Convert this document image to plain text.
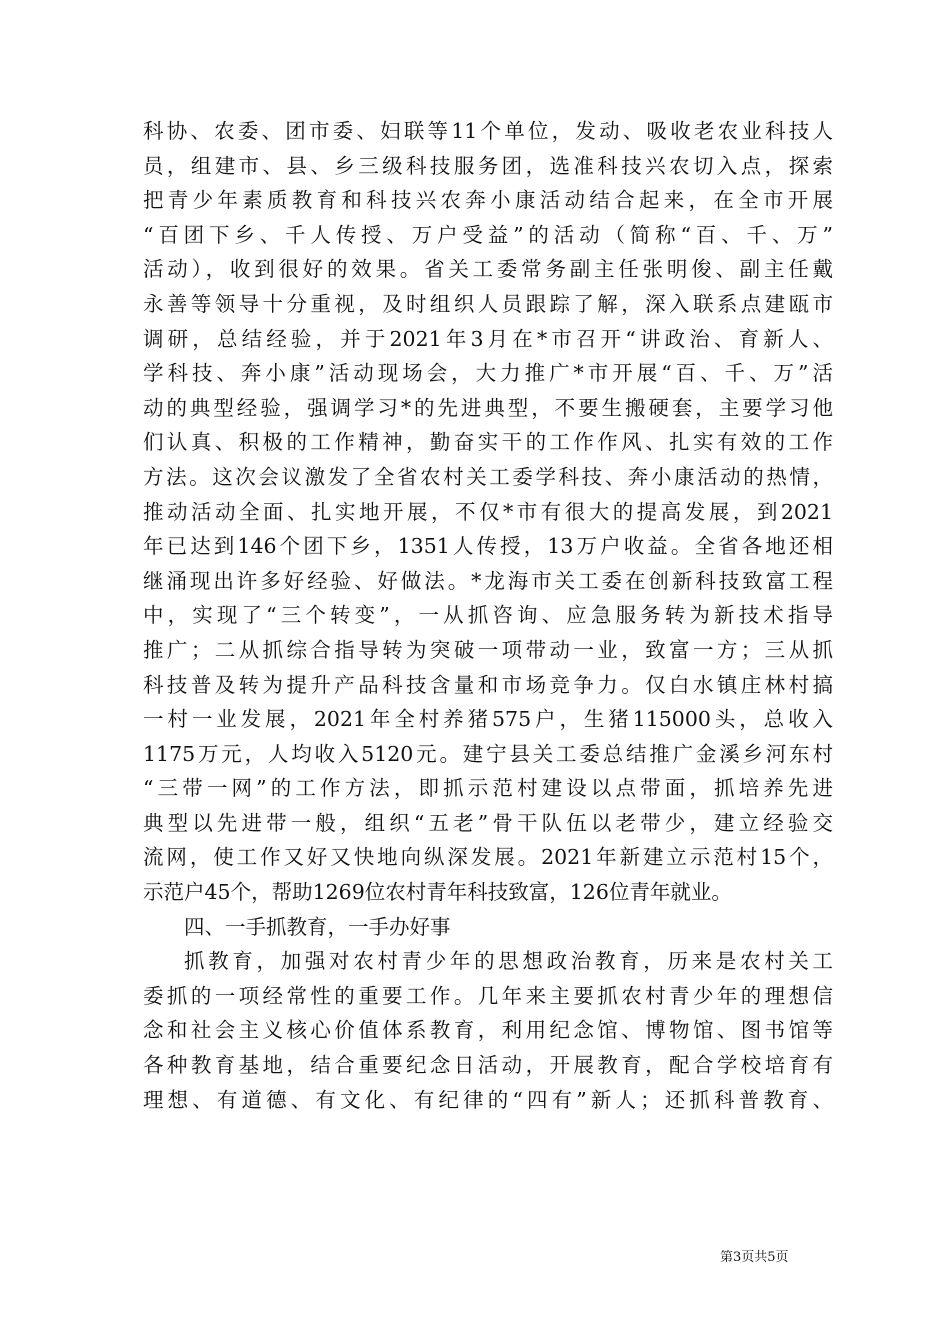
科协、农委、团市委、妇联等11个单位，发动、吸收老农业科技人
员，组建市、县、乡三级科技服务团，选准科技兴农切入点，探索
把青少年素质教育和科技兴农奔小康活动结合起来，在全市开展
“百团下乡、千人传授、万户受益”的活动（简称“百、千、万”
活动），收到很好的效果。省关工委常务副主任张明俊、副主任戴
永善等领导十分重视，及时组织人员跟踪了解，深入联系点建瓯市
调研，总结经验，并于2021年3月在*市召开“讲政治、育新人、
学科技、奔小康”活动现场会，大力推广*市开展“百、千、万”活
动的典型经验，强调学习*的先进典型，不要生搬硬套，主要学习他
们认真、积极的工作精神，勤奋实干的工作作风、扎实有效的工作
方法。这次会议激发了全省农村关工委学科技、奔小康活动的热情，
推动活动全面、扎实地开展，不仅*市有很大的提高发展，到2021
年已达到146个团下乡，1351人传授，13万户收益。全省各地还相
继涌现出许多好经验、好做法。*龙海市关工委在创新科技致富工程
中，实现了“三个转变”，一从抓咨询、应急服务转为新技术指导
推广；二从抓综合指导转为突破一项带动一业，致富一方；三从抓
科技普及转为提升产品科技含量和市场竞争力。仅白水镇庄林村搞
一村一业发展，2021年全村养猪575户，生猪115000头，总收入
1175万元，人均收入5120元。建宁县关工委总结推广金溪乡河东村
“三带一网”的工作方法，即抓示范村建设以点带面，抓培养先进
典型以先进带一般，组织“五老”骨干队伍以老带少，建立经验交
流网，使工作又好又快地向纵深发展。2021年新建立示范村15个，
示范户45个，帮助1269位农村青年科技致富，126位青年就业。
四、一手抓教育，一手办好事
抓教育，加强对农村青少年的思想政治教育，历来是农村关工
委抓的一项经常性的重要工作。几年来主要抓农村青少年的理想信
念和社会主义核心价值体系教育，利用纪念馆、博物馆、图书馆等
各种教育基地，结合重要纪念日活动，开展教育，配合学校培育有
理想、有道德、有文化、有纪律的“四有”新人；还抓科普教育、
第3页共5页
